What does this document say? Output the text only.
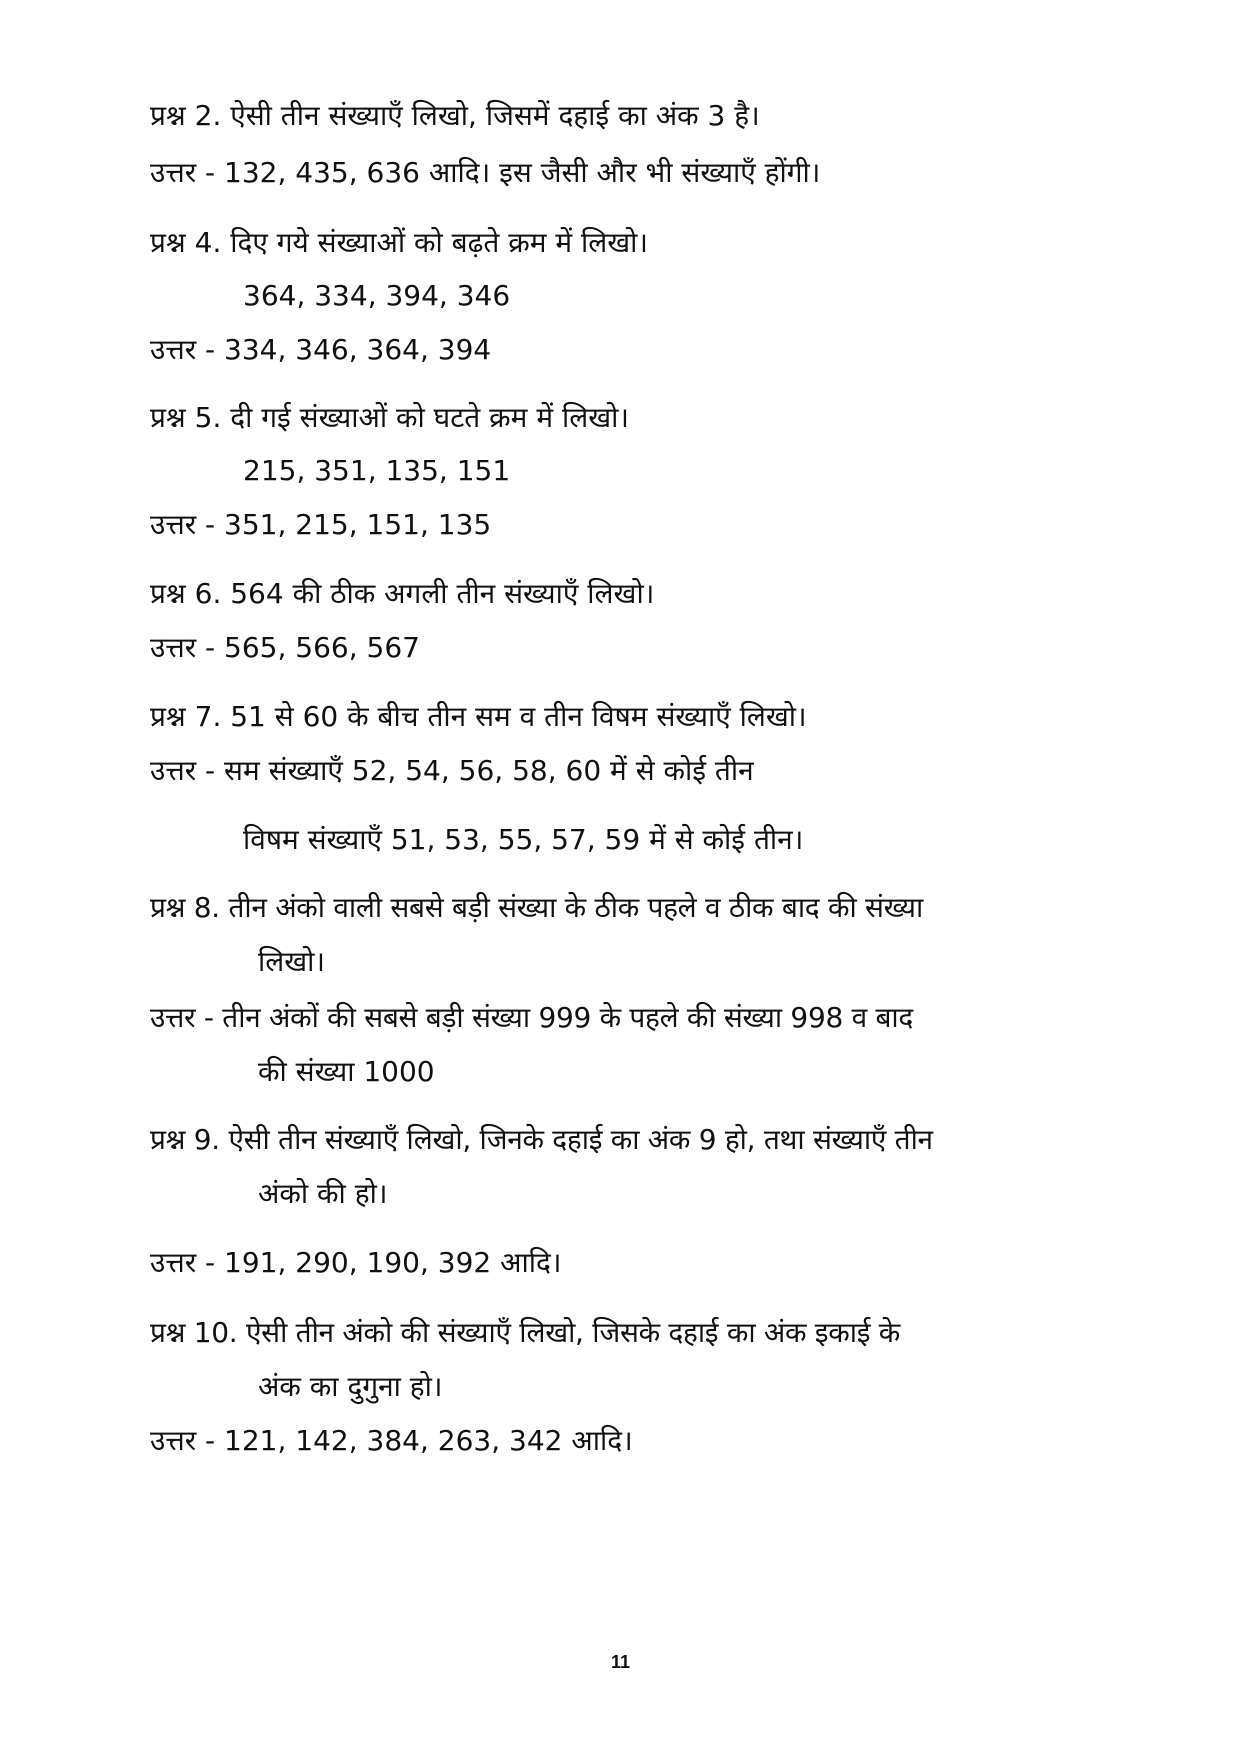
प्रश्न 2. ऐसी तीन संख्याएँ लिखो, जिसमें दहाई का अंक 3 है।
उत्तर - 132, 435, 636 आदि। इस जैसी और भी संख्याएँ होंगी।
प्रश्न 4. दिए गये संख्याओं को बढ़ते क्रम में लिखो।
364, 334, 394, 346
उत्तर - 334, 346, 364, 394
प्रश्न 5. दी गई संख्याओं को घटते क्रम में लिखो।
215, 351, 135, 151
उत्तर - 351, 215, 151, 135
प्रश्न 6. 564 की ठीक अगली तीन संख्याएँ लिखो।
उत्तर - 565, 566, 567
प्रश्न 7. 51 से 60 के बीच तीन सम व तीन विषम संख्याएँ लिखो।
उत्तर - सम संख्याएँ 52, 54, 56, 58, 60 में से कोई तीन
विषम संख्याएँ 51, 53, 55, 57, 59 में से कोई तीन।
प्रश्न 8. तीन अंको वाली सबसे बड़ी संख्या के ठीक पहले व ठीक बाद की संख्या
लिखो।
उत्तर - तीन अंकों की सबसे बड़ी संख्या 999 के पहले की संख्या 998 व बाद
की संख्या 1000
प्रश्न 9. ऐसी तीन संख्याएँ लिखो, जिनके दहाई का अंक 9 हो, तथा संख्याएँ तीन
अंको की हो।
उत्तर - 191, 290, 190, 392 आदि।
प्रश्न 10. ऐसी तीन अंको की संख्याएँ लिखो, जिसके दहाई का अंक इकाई के
अंक का दुगुना हो।
उत्तर - 121, 142, 384, 263, 342 आदि।
11
